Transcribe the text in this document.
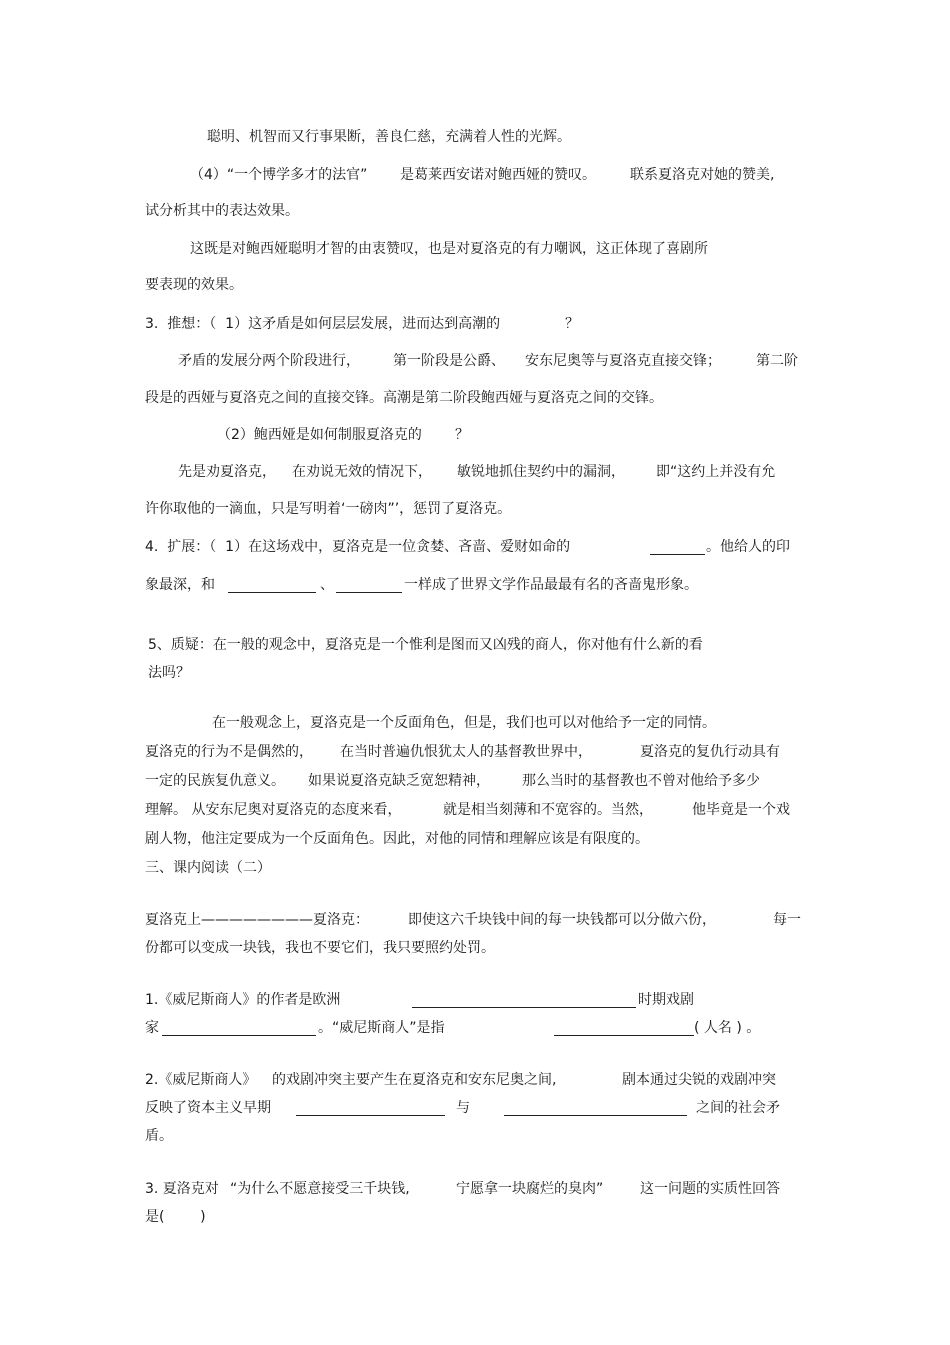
聪明、机智而又行事果断，善良仁慈，充满着人性的光辉。
（4）“一个博学多才的法官” 是葛莱西安诺对鲍西娅的赞叹。 联系夏洛克对她的赞美,
试分析其中的表达效果。
这既是对鲍西娅聪明才智的由衷赞叹，也是对夏洛克的有力嘲讽，这正体现了喜剧所
要表现的效果。
3.  推想：（  1）这矛盾是如何层层发展，进而达到高潮的	？
矛盾的发展分两个阶段进行， 第一阶段是公爵、 安东尼奥等与夏洛克直接交锋；	第二阶
段是的西娅与夏洛克之间的直接交锋。高潮是第二阶段鲍西娅与夏洛克之间的交锋。
（2）鲍西娅是如何制服夏洛克的 ？
先是劝夏洛克， 在劝说无效的情况下， 敏锐地抓住契约中的漏洞， 即“这约上并没有允
许你取他的一滴血，只是写明着‘一磅肉”’，惩罚了夏洛克。
4.  扩展：（  1）在这场戏中，夏洛克是一位贪婪、吝啬、爱财如命的	。他给人的印
象最深，和	、	一样成了世界文学作品最最有名的吝啬鬼形象。
5、质疑：在一般的观念中，夏洛克是一个惟利是图而又凶残的商人，你对他有什么新的看
法吗？
在一般观念上，夏洛克是一个反面角色，但是，我们也可以对他给予一定的同情。
夏洛克的行为不是偶然的， 在当时普遍仇恨犹太人的基督教世界中，	夏洛克的复仇行动具有
一定的民族复仇意义。 如果说夏洛克缺乏宽恕精神， 那么当时的基督教也不曾对他给予多少
理解。 从安东尼奥对夏洛克的态度来看，	就是相当刻薄和不宽容的。当然，	他毕竟是一个戏
剧人物，他注定要成为一个反面角色。因此，对他的同情和理解应该是有限度的。
三、课内阅读（二）
夏洛克上————————夏洛克：	即使这六千块钱中间的每一块钱都可以分做六份，	每一
份都可以变成一块钱，我也不要它们，我只要照约处罚。
1.《威尼斯商人》的作者是欧洲	时期戏剧
家	。“威尼斯商人”是指	( 人名 ) 。
2.《威尼斯商人》 的戏剧冲突主要产生在夏洛克和安东尼奥之间,	剧本通过尖锐的戏剧冲突
反映了资本主义早期	与	之间的社会矛
盾。
3. 夏洛克对 “为什么不愿意接受三千块钱,	宁愿拿一块腐烂的臭肉”	这一问题的实质性回答
是(        )
